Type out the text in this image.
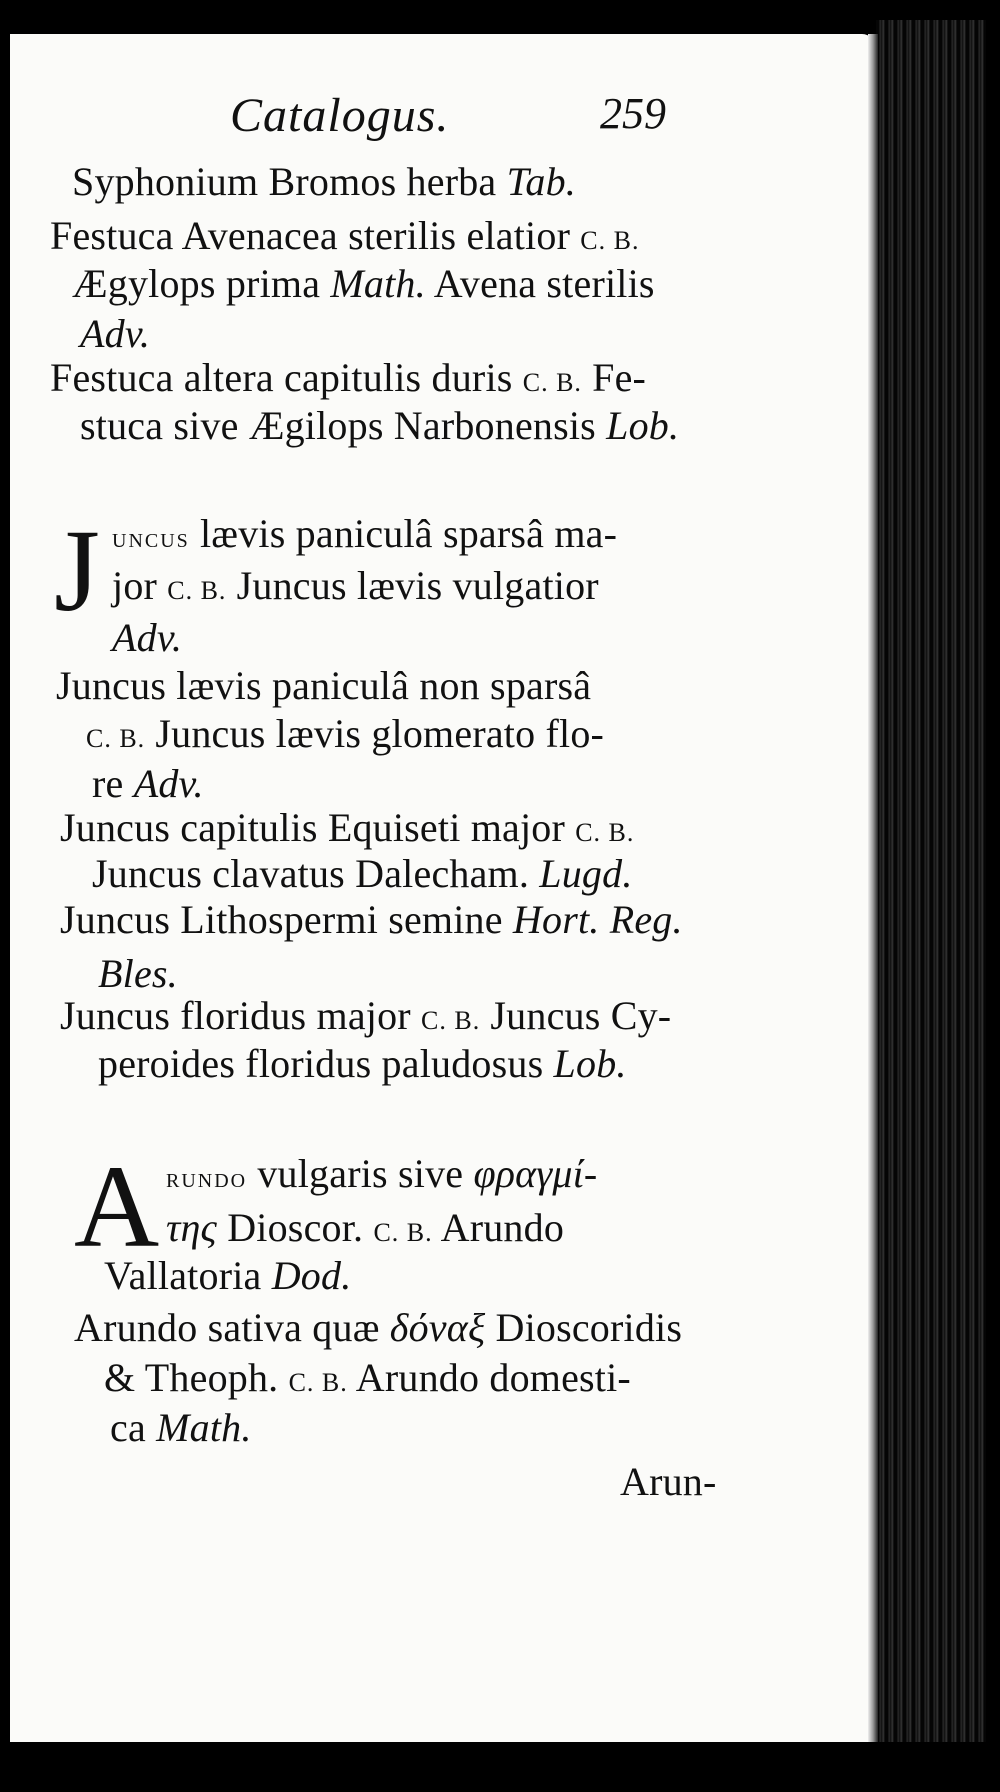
Catalogus.	259
Syphonium Bromos herba Tab.
Festuca Avenacea sterilis elatior C. B.
Ægylops prima Math. Avena sterilis
Adv.
Festuca altera capitulis duris C. B. Fe-
stuca sive Ægilops Narbonensis Lob.
J uncus lævis paniculâ sparsâ ma-
jor C. B. Juncus lævis vulgatior
Adv.
Juncus lævis paniculâ non sparsâ
C. B. Juncus lævis glomerato flo-
re Adv.
Juncus capitulis Equiseti major C. B.
Juncus clavatus Dalecham. Lugd.
Juncus Lithospermi semine Hort. Reg.
Bles.
Juncus floridus major C. B. Juncus Cy-
peroides floridus paludosus Lob.
A rundo vulgaris sive φραγμί-
της Dioscor. C. B. Arundo
Vallatoria Dod.
Arundo sativa quæ δόναξ Dioscoridis
& Theoph. C. B. Arundo domesti-
ca Math.
Arun-
